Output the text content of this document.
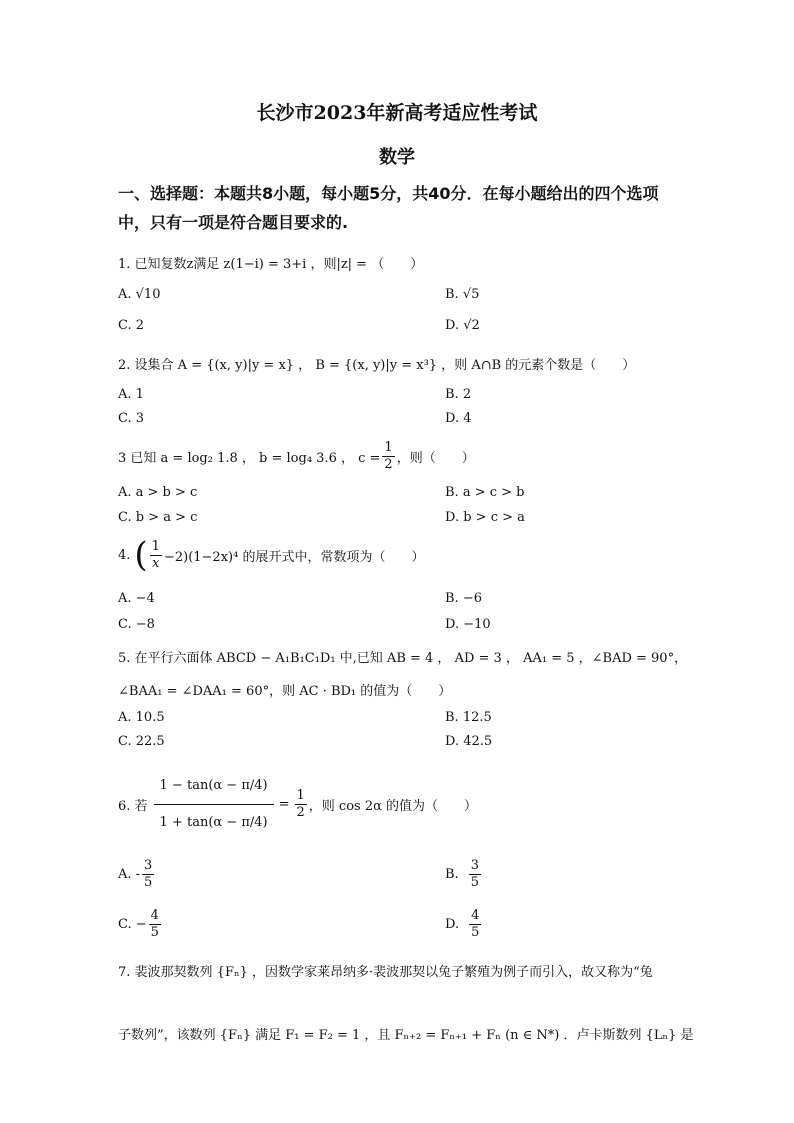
长沙市2023年新高考适应性考试
数学
一、选择题：本题共8小题，每小题5分，共40分．在每小题给出的四个选项
中，只有一项是符合题目要求的.
1. 已知复数z满足 z(1−i) = 3+i ，则|z| = （　　）
A. √10	B. √5
C. 2	D. √2
2. 设集合 A = {(x, y)|y = x} ， B = {(x, y)|y = x³} ，则 A∩B 的元素个数是（　　）
A. 1	B. 2
C. 3	D. 4
3 已知 a = log₂ 1.8 ， b = log₄ 3.6 ， $c = \frac{1}{2}$ ，则（　　）
A. a > b > c	B. a > c > b
C. b > a > c	D. b > c > a
4. ( $\frac{1}{x} -2)(1-2x)^4$ 的展开式中，常数项为（　　）
A. −4	B. −6
C. −8	D. −10
5. 在平行六面体 ABCD − A₁B₁C₁D₁ 中,已知 AB = 4 ， AD = 3 ， AA₁ = 5 ，∠BAD = 90°，
∠BAA₁ = ∠DAA₁ = 60°，则 AC · BD₁ 的值为（　　）
A. 10.5	B. 12.5
C. 22.5	D. 42.5
6. 若 $\frac{1 - \tan(\alpha - \pi/4)}{1 + \tan(\alpha - \pi/4)} = \frac{1}{2}$ ，则 cos 2α 的值为（　　）
A. - $\frac{3}{5}$	B. $\frac{3}{5}$
C. − $\frac{4}{5}$	D. $\frac{4}{5}$
7. 裴波那契数列 {Fₙ} ，因数学家莱昂纳多·裴波那契以兔子繁殖为例子而引入，故又称为“兔
子数列”，该数列 {Fₙ} 满足 F₁ = F₂ = 1 ，且 Fₙ₊₂ = Fₙ₊₁ + Fₙ (n ∈ N*) ．卢卡斯数列 {Lₙ} 是
